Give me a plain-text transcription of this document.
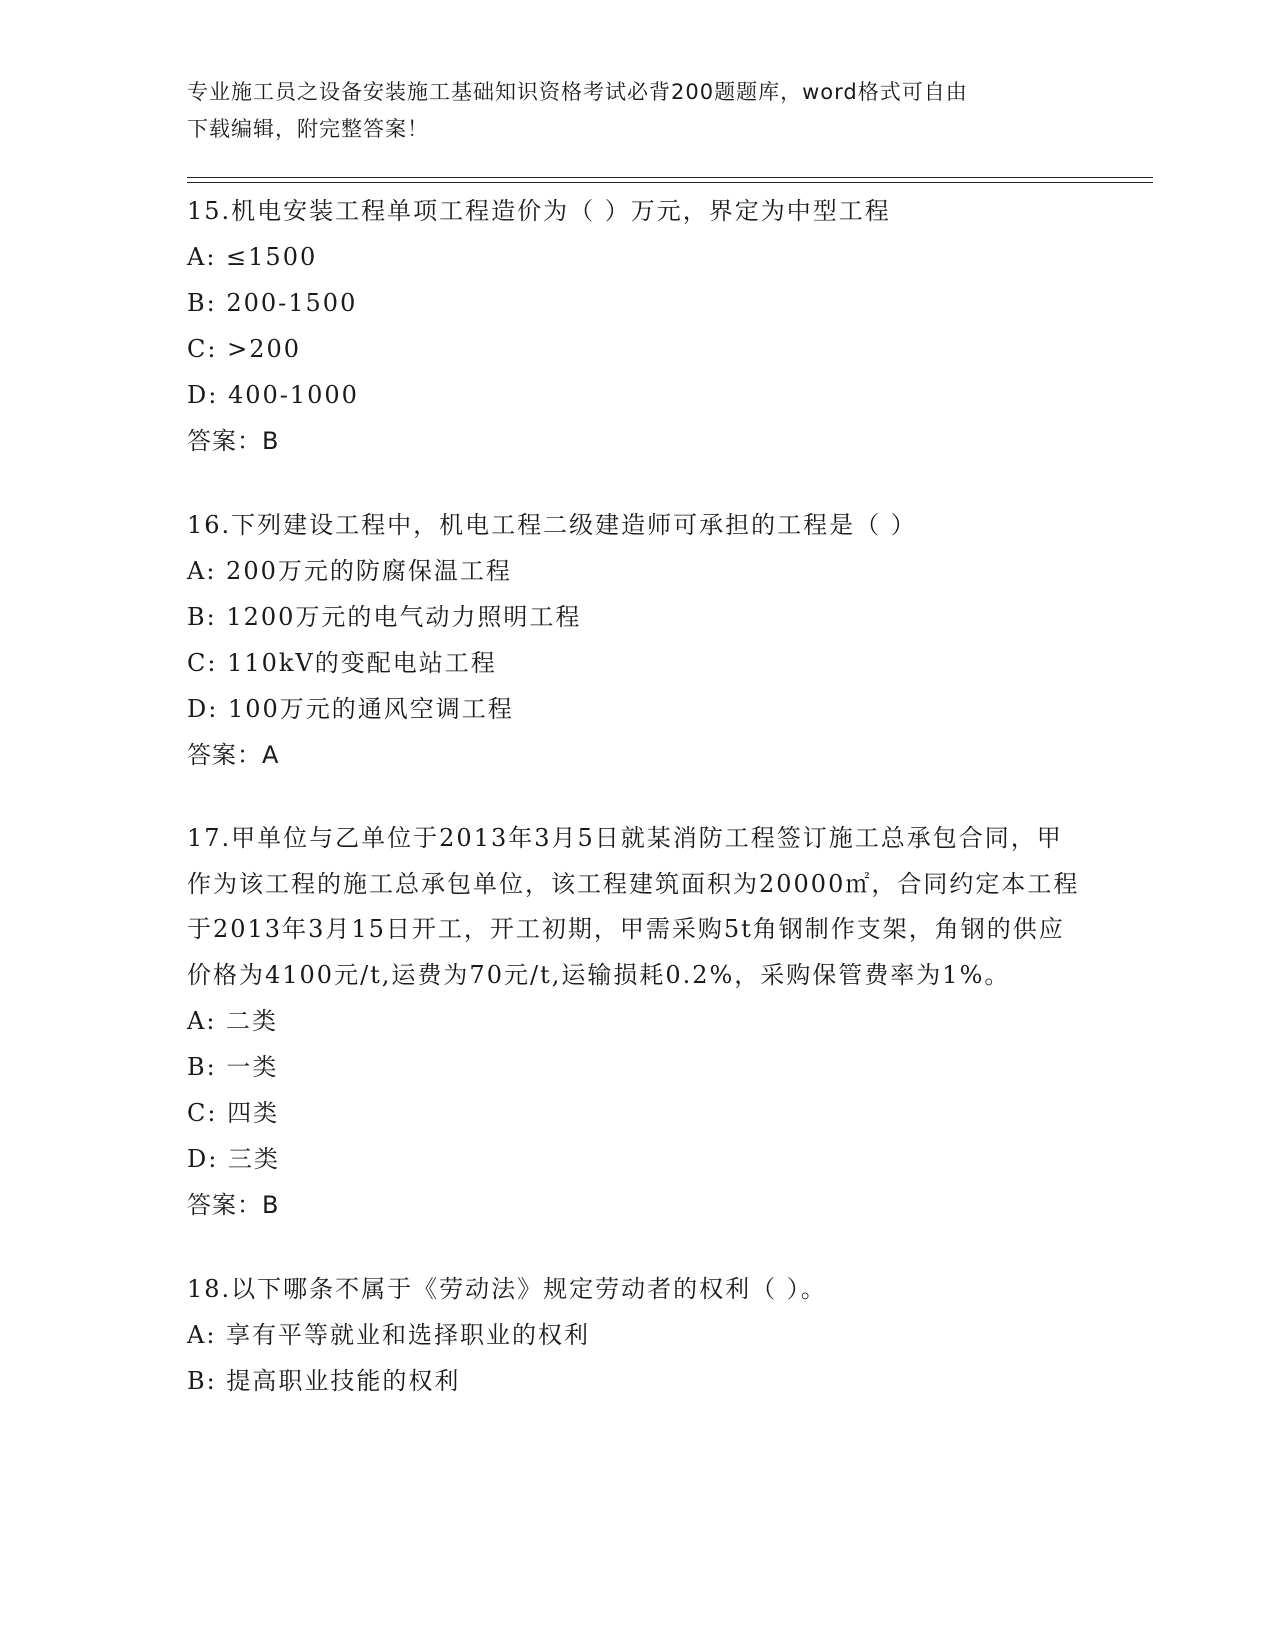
专业施工员之设备安装施工基础知识资格考试必背200题题库，word格式可自由
下载编辑，附完整答案！
15.机电安装工程单项工程造价为（ ）万元，界定为中型工程
A: ≤1500
B: 200-1500
C: >200
D: 400-1000
答案：B
16.下列建设工程中，机电工程二级建造师可承担的工程是（ ）
A: 200万元的防腐保温工程
B: 1200万元的电气动力照明工程
C: 110kV的变配电站工程
D: 100万元的通风空调工程
答案：A
17.甲单位与乙单位于2013年3月5日就某消防工程签订施工总承包合同，甲作为该工程的施工总承包单位，该工程建筑面积为20000㎡，合同约定本工程于2013年3月15日开工，开工初期，甲需采购5t角钢制作支架，角钢的供应价格为4100元/t,运费为70元/t,运输损耗0.2%，采购保管费率为1%。
A: 二类
B: 一类
C: 四类
D: 三类
答案：B
18.以下哪条不属于《劳动法》规定劳动者的权利（ ）。
A: 享有平等就业和选择职业的权利
B: 提高职业技能的权利
